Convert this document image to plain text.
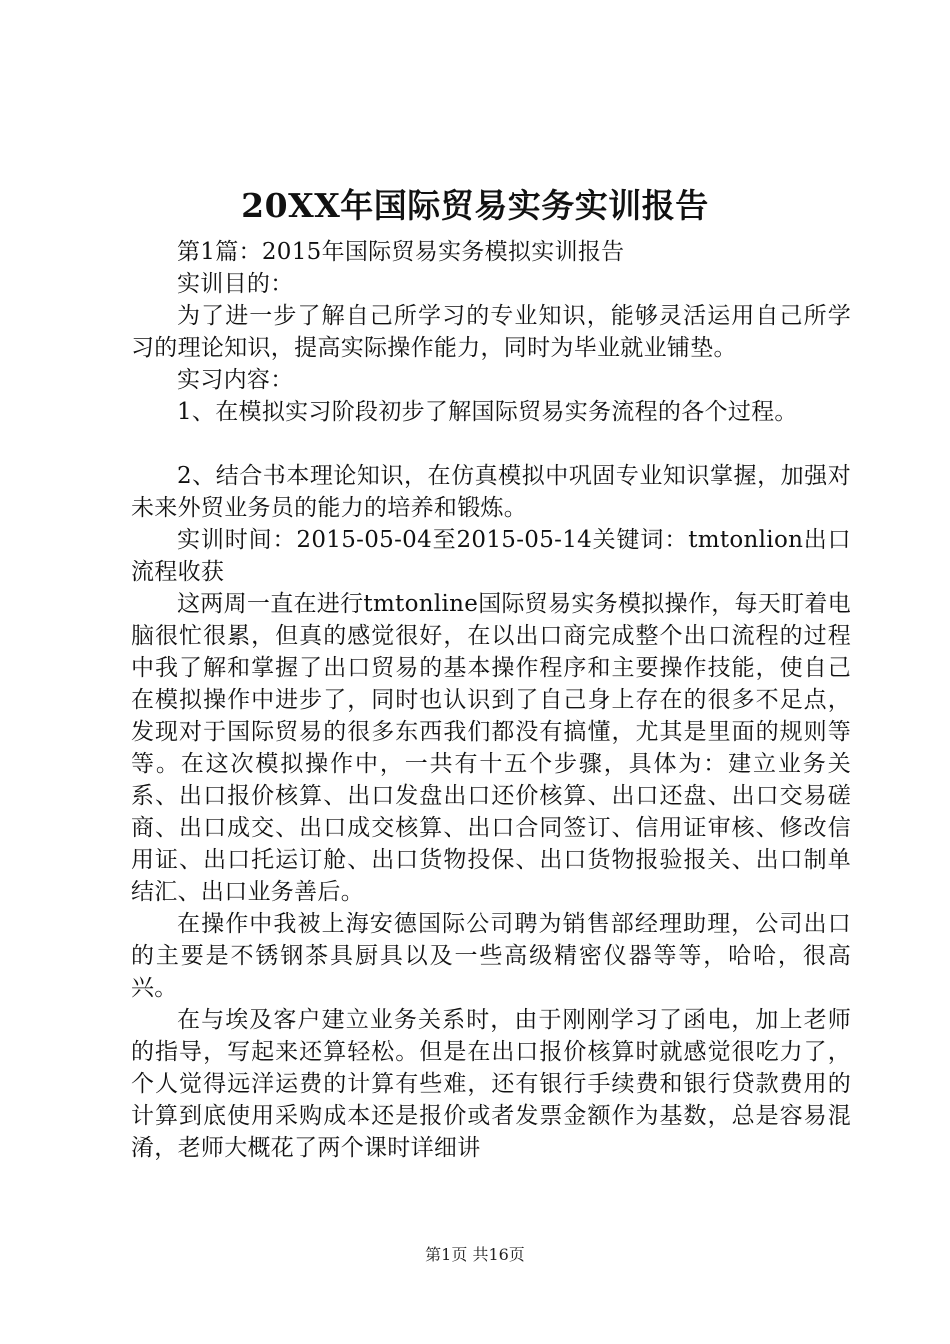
20XX年国际贸易实务实训报告

第1篇：2015年国际贸易实务模拟实训报告

实训目的：

为了进一步了解自己所学习的专业知识，能够灵活运用自己所学习的理论知识，提高实际操作能力，同时为毕业就业铺垫。

实习内容：

1、在模拟实习阶段初步了解国际贸易实务流程的各个过程。

2、结合书本理论知识，在仿真模拟中巩固专业知识掌握，加强对未来外贸业务员的能力的培养和锻炼。

实训时间：2015-05-04至2015-05-14关键词：tmtonlion出口流程收获

这两周一直在进行tmtonline国际贸易实务模拟操作，每天盯着电脑很忙很累，但真的感觉很好，在以出口商完成整个出口流程的过程中我了解和掌握了出口贸易的基本操作程序和主要操作技能，使自己在模拟操作中进步了，同时也认识到了自己身上存在的很多不足点，发现对于国际贸易的很多东西我们都没有搞懂，尤其是里面的规则等等。在这次模拟操作中，一共有十五个步骤，具体为：建立业务关系、出口报价核算、出口发盘出口还价核算、出口还盘、出口交易磋商、出口成交、出口成交核算、出口合同签订、信用证审核、修改信用证、出口托运订舱、出口货物投保、出口货物报验报关、出口制单结汇、出口业务善后。

在操作中我被上海安德国际公司聘为销售部经理助理，公司出口的主要是不锈钢茶具厨具以及一些高级精密仪器等等，哈哈，很高兴。

在与埃及客户建立业务关系时，由于刚刚学习了函电，加上老师的指导，写起来还算轻松。但是在出口报价核算时就感觉很吃力了，个人觉得远洋运费的计算有些难，还有银行手续费和银行贷款费用的计算到底使用采购成本还是报价或者发票金额作为基数，总是容易混淆，老师大概花了两个课时详细讲

第1页 共16页
